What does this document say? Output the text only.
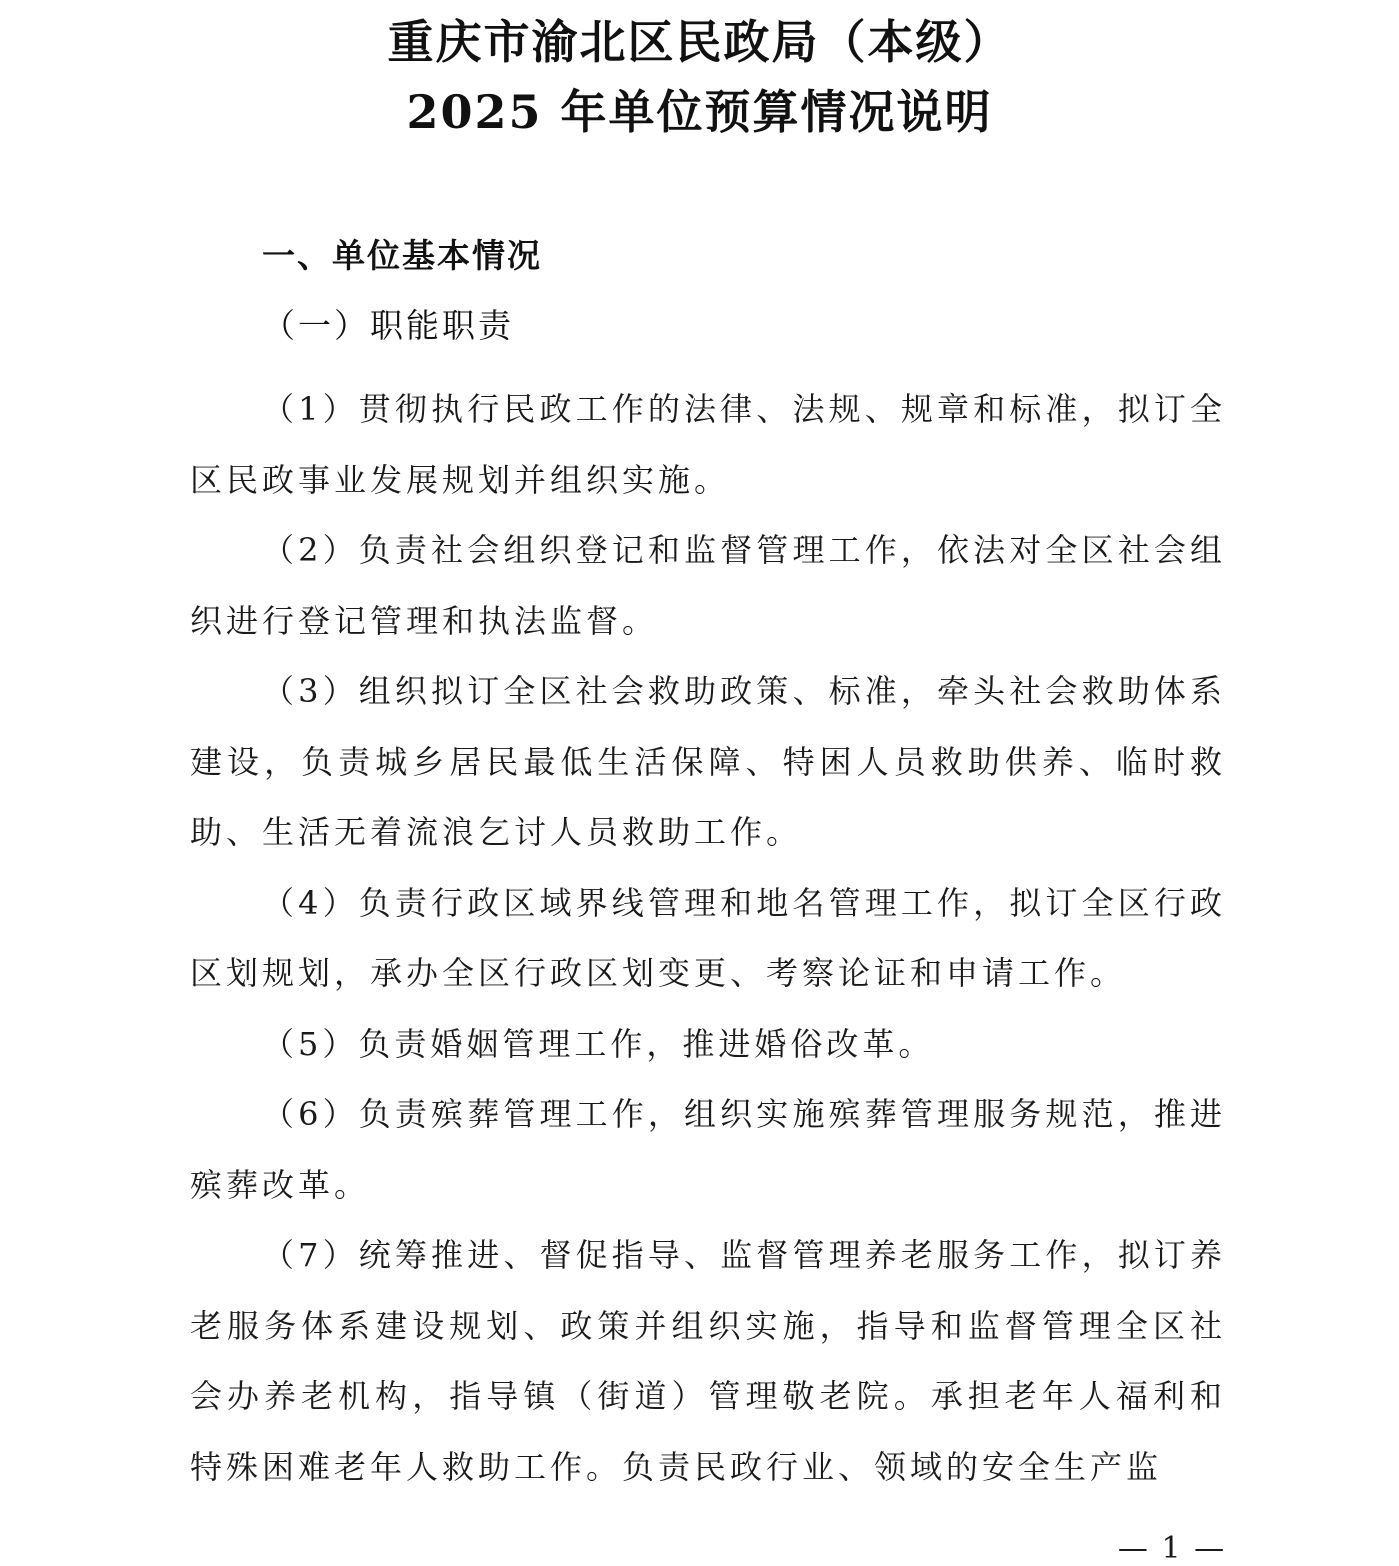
重庆市渝北区民政局（本级）
2025 年单位预算情况说明
一、单位基本情况
（一）职能职责

（1）贯彻执行民政工作的法律、法规、规章和标准，拟订全区民政事业发展规划并组织实施。

（2）负责社会组织登记和监督管理工作，依法对全区社会组织进行登记管理和执法监督。

（3）组织拟订全区社会救助政策、标准，牵头社会救助体系建设，负责城乡居民最低生活保障、特困人员救助供养、临时救助、生活无着流浪乞讨人员救助工作。

（4）负责行政区域界线管理和地名管理工作，拟订全区行政区划规划，承办全区行政区划变更、考察论证和申请工作。

（5）负责婚姻管理工作，推进婚俗改革。

（6）负责殡葬管理工作，组织实施殡葬管理服务规范，推进殡葬改革。

（7）统筹推进、督促指导、监督管理养老服务工作，拟订养老服务体系建设规划、政策并组织实施，指导和监督管理全区社会办养老机构，指导镇（街道）管理敬老院。承担老年人福利和特殊困难老年人救助工作。负责民政行业、领域的安全生产监

— 1 —
